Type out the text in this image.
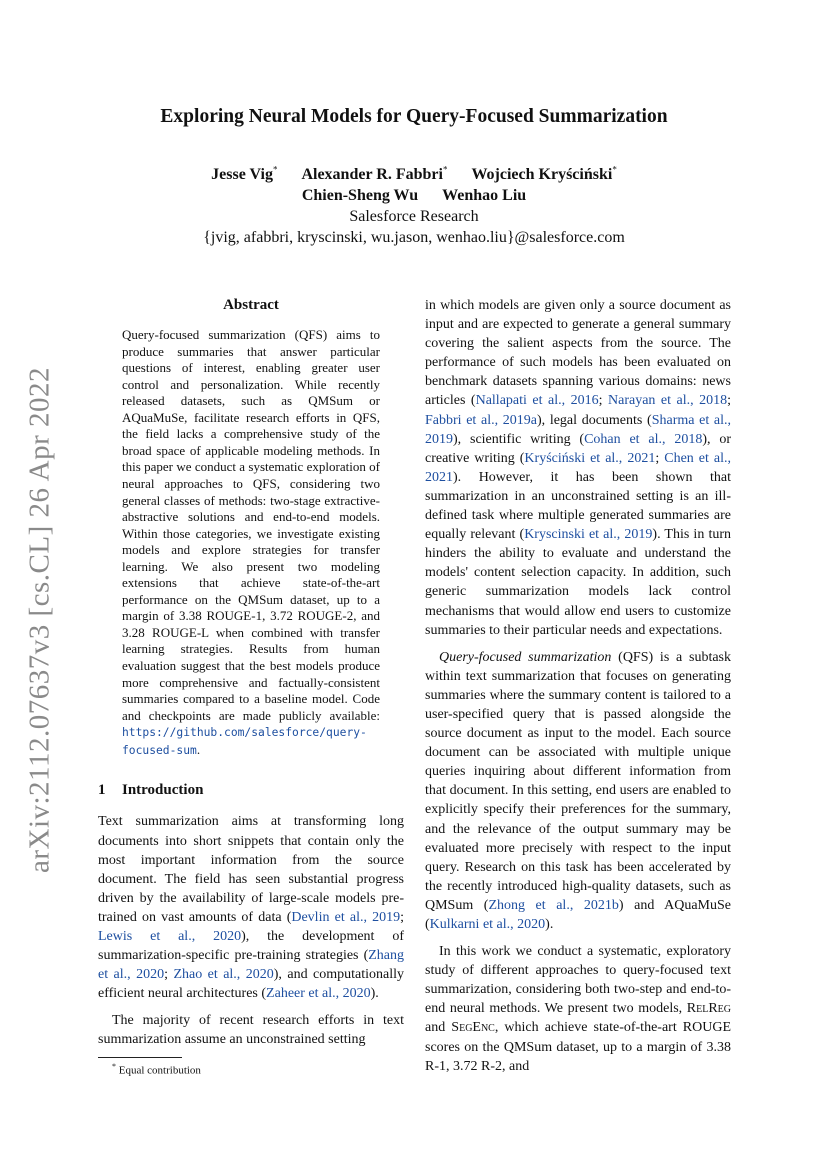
arXiv:2112.07637v3 [cs.CL] 26 Apr 2022
Exploring Neural Models for Query-Focused Summarization
Jesse Vig* Alexander R. Fabbri* Wojciech Kryściński*
Chien-Sheng Wu Wenhao Liu
Salesforce Research
{jvig, afabbri, kryscinski, wu.jason, wenhao.liu}@salesforce.com
Abstract

Query-focused summarization (QFS) aims to produce summaries that answer particular questions of interest, enabling greater user control and personalization. While recently released datasets, such as QMSum or AQuaMuSe, facilitate research efforts in QFS, the field lacks a comprehensive study of the broad space of applicable modeling methods. In this paper we conduct a systematic exploration of neural approaches to QFS, considering two general classes of methods: two-stage extractive-abstractive solutions and end-to-end models. Within those categories, we investigate existing models and explore strategies for transfer learning. We also present two modeling extensions that achieve state-of-the-art performance on the QMSum dataset, up to a margin of 3.38 ROUGE-1, 3.72 ROUGE-2, and 3.28 ROUGE-L when combined with transfer learning strategies. Results from human evaluation suggest that the best models produce more comprehensive and factually-consistent summaries compared to a baseline model. Code and checkpoints are made publicly available: https://github.com/salesforce/query-focused-sum.

1 Introduction

Text summarization aims at transforming long documents into short snippets that contain only the most important information from the source document. The field has seen substantial progress driven by the availability of large-scale models pre-trained on vast amounts of data (Devlin et al., 2019; Lewis et al., 2020), the development of summarization-specific pre-training strategies (Zhang et al., 2020; Zhao et al., 2020), and computationally efficient neural architectures (Zaheer et al., 2020).

The majority of recent research efforts in text summarization assume an unconstrained setting

in which models are given only a source document as input and are expected to generate a general summary covering the salient aspects from the source. The performance of such models has been evaluated on benchmark datasets spanning various domains: news articles (Nallapati et al., 2016; Narayan et al., 2018; Fabbri et al., 2019a), legal documents (Sharma et al., 2019), scientific writing (Cohan et al., 2018), or creative writing (Kryściński et al., 2021; Chen et al., 2021). However, it has been shown that summarization in an unconstrained setting is an ill-defined task where multiple generated summaries are equally relevant (Kryscinski et al., 2019). This in turn hinders the ability to evaluate and understand the models' content selection capacity. In addition, such generic summarization models lack control mechanisms that would allow end users to customize summaries to their particular needs and expectations.

Query-focused summarization (QFS) is a subtask within text summarization that focuses on generating summaries where the summary content is tailored to a user-specified query that is passed alongside the source document as input to the model. Each source document can be associated with multiple unique queries inquiring about different information from that document. In this setting, end users are enabled to explicitly specify their preferences for the summary, and the relevance of the output summary may be evaluated more precisely with respect to the input query. Research on this task has been accelerated by the recently introduced high-quality datasets, such as QMSum (Zhong et al., 2021b) and AQuaMuSe (Kulkarni et al., 2020).

In this work we conduct a systematic, exploratory study of different approaches to query-focused text summarization, considering both two-step and end-to-end neural methods. We present two models, RelReg and SegEnc, which achieve state-of-the-art ROUGE scores on the QMSum dataset, up to a margin of 3.38 R-1, 3.72 R-2, and

* Equal contribution
